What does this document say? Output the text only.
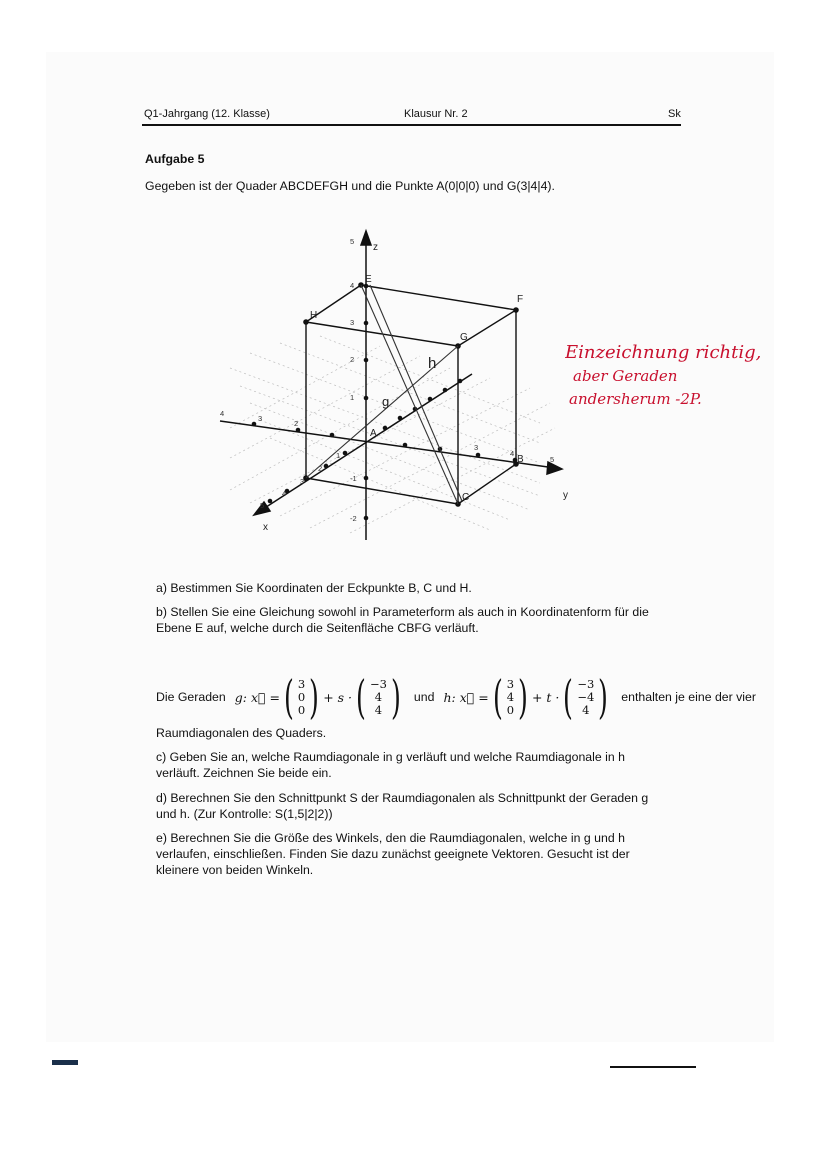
Q1-Jahrgang (12. Klasse)	Klausur Nr. 2	Sk
Aufgabe 5
Gegeben ist der Quader ABCDEFGH und die Punkte A(0|0|0) und G(3|4|4).
z
y
x
E
F
G
H
B
C
A
h
g
5
4
3
2
1
-1
-2
5
4
3
2
1
3
4
5
4
3
2
Einzeichnung richtig,
aber Geraden
andersherum -2P.
a) Bestimmen Sie Koordinaten der Eckpunkte B, C und H.
b) Stellen Sie eine Gleichung sowohl in Parameterform als auch in Koordinatenform für die
Ebene E auf, welche durch die Seitenfläche CBFG verläuft.
Die Geraden g: x⃗ = ( 3
0
0 ) + s · ( −3
4
4 ) und h: x⃗ = ( 3
4
0 ) + t · ( −3
−4
4 ) enthalten je eine der vier
Raumdiagonalen des Quaders.
c) Geben Sie an, welche Raumdiagonale in g verläuft und welche Raumdiagonale in h
verläuft. Zeichnen Sie beide ein.
d) Berechnen Sie den Schnittpunkt S der Raumdiagonalen als Schnittpunkt der Geraden g
und h. (Zur Kontrolle: S(1,5|2|2))
e) Berechnen Sie die Größe des Winkels, den die Raumdiagonalen, welche in g und h
verlaufen, einschließen. Finden Sie dazu zunächst geeignete Vektoren. Gesucht ist der
kleinere von beiden Winkeln.
